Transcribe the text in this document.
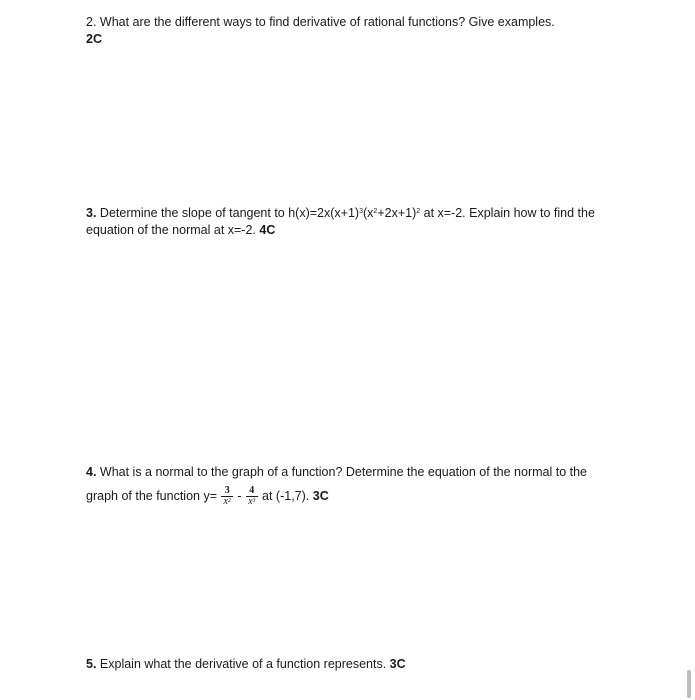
2. What are the different ways to find derivative of rational functions? Give examples.
2C
3. Determine the slope of tangent to $h(x)=2x(x+1)^3(x^2+2x+1)^2$ at x=-2. Explain how to find the equation of the normal at x=-2. 4C
4. What is a normal to the graph of a function? Determine the equation of the normal to the
graph of the function $y= \frac{3}{x^2} - \frac{4}{x^3}$ at (-1,7). 3C
5. Explain what the derivative of a function represents. 3C
